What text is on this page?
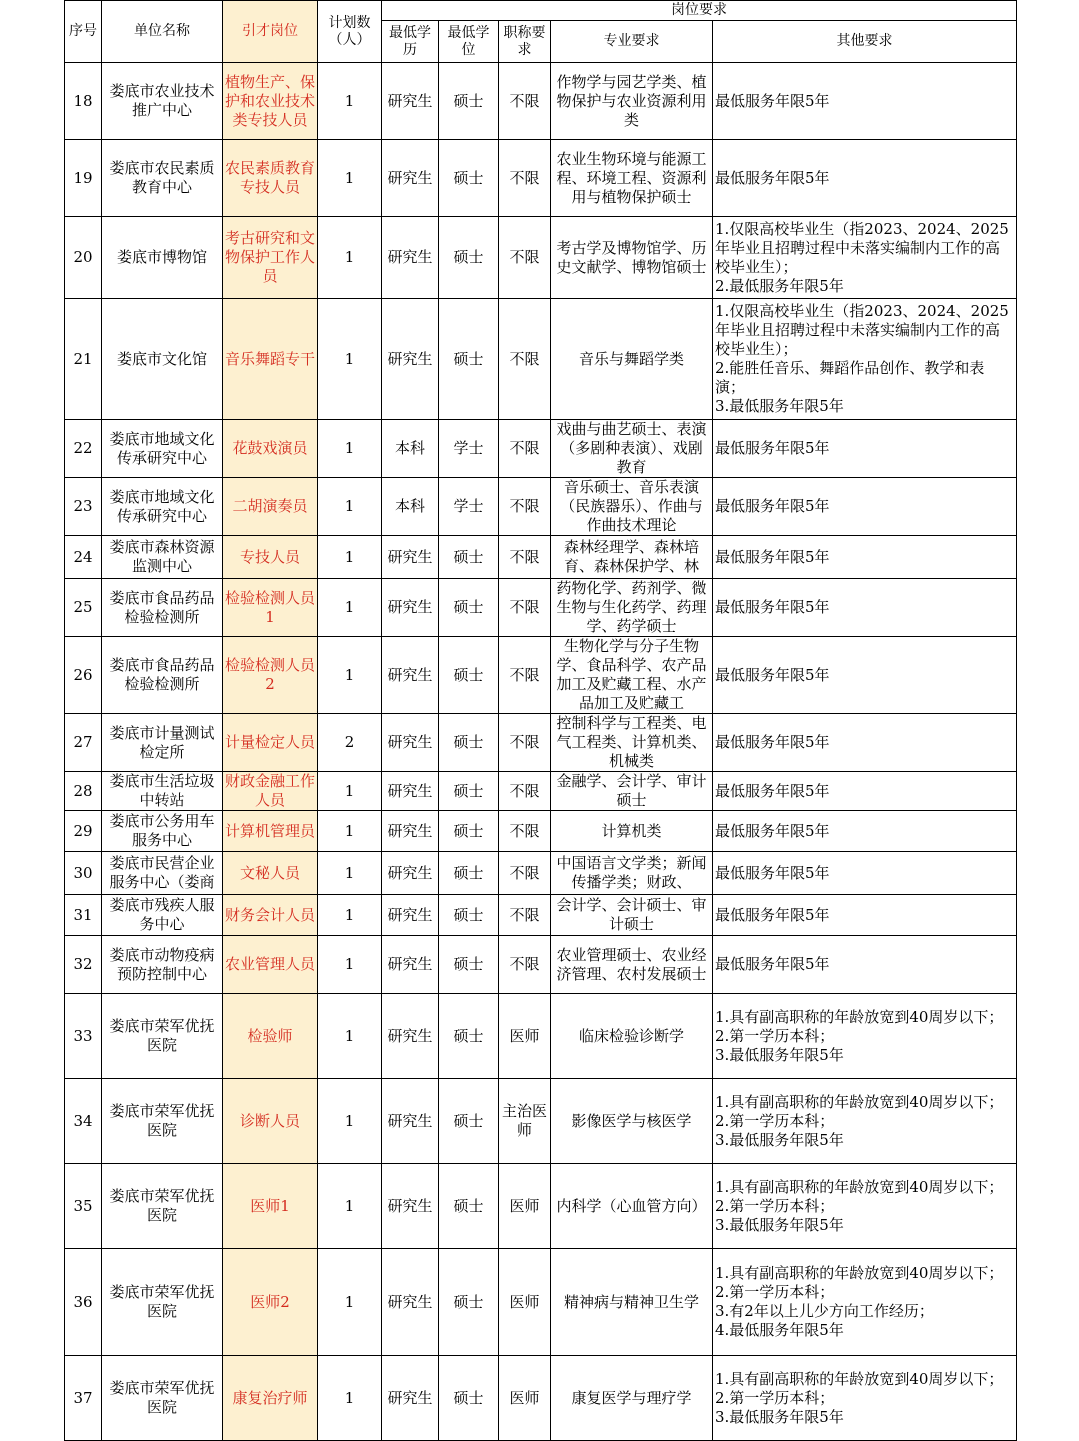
序号	单位名称	引才岗位	计划数（人）	岗位要求				
				最低学历	最低学位	职称要求	专业要求	其他要求
18	娄底市农业技术推广中心	植物生产、保护和农业技术类专技人员	1	研究生	硕士	不限	作物学与园艺学类、植物保护与农业资源利用类	最低服务年限5年

19	娄底市农民素质教育中心	农民素质教育专技人员	1	研究生	硕士	不限	农业生物环境与能源工程、环境工程、资源利用与植物保护硕士	最低服务年限5年

20	娄底市博物馆	考古研究和文物保护工作人员	1	研究生	硕士	不限	考古学及博物馆学、历史文献学、博物馆硕士	1.仅限高校毕业生（指2023、2024、2025年毕业且招聘过程中未落实编制内工作的高校毕业生）；
2.最低服务年限5年

21	娄底市文化馆	音乐舞蹈专干	1	研究生	硕士	不限	音乐与舞蹈学类	1.仅限高校毕业生（指2023、2024、2025年毕业且招聘过程中未落实编制内工作的高校毕业生）；
2.能胜任音乐、舞蹈作品创作、教学和表演；
3.最低服务年限5年

22	娄底市地域文化传承研究中心	花鼓戏演员	1	本科	学士	不限	戏曲与曲艺硕士、表演（多剧种表演）、戏剧教育	最低服务年限5年

23	娄底市地域文化传承研究中心	二胡演奏员	1	本科	学士	不限	音乐硕士、音乐表演（民族器乐）、作曲与作曲技术理论	最低服务年限5年

24	娄底市森林资源监测中心	专技人员	1	研究生	硕士	不限	森林经理学、森林培育、森林保护学、林	最低服务年限5年

25	娄底市食品药品检验检测所	检验检测人员1	1	研究生	硕士	不限	药物化学、药剂学、微生物与生化药学、药理学、药学硕士	最低服务年限5年

26	娄底市食品药品检验检测所	检验检测人员2	1	研究生	硕士	不限	生物化学与分子生物学、食品科学、农产品加工及贮藏工程、水产品加工及贮藏工	最低服务年限5年

27	娄底市计量测试检定所	计量检定人员	2	研究生	硕士	不限	控制科学与工程类、电气工程类、计算机类、机械类	最低服务年限5年

28	娄底市生活垃圾中转站	财政金融工作人员	1	研究生	硕士	不限	金融学、会计学、审计硕士	最低服务年限5年

29	娄底市公务用车服务中心	计算机管理员	1	研究生	硕士	不限	计算机类	最低服务年限5年

30	娄底市民营企业服务中心（娄商	文秘人员	1	研究生	硕士	不限	中国语言文学类；新闻传播学类；财政、	最低服务年限5年

31	娄底市残疾人服务中心	财务会计人员	1	研究生	硕士	不限	会计学、会计硕士、审计硕士	最低服务年限5年

32	娄底市动物疫病预防控制中心	农业管理人员	1	研究生	硕士	不限	农业管理硕士、农业经济管理、农村发展硕士	最低服务年限5年

33	娄底市荣军优抚医院	检验师	1	研究生	硕士	医师	临床检验诊断学	1.具有副高职称的年龄放宽到40周岁以下；
2.第一学历本科；
3.最低服务年限5年

34	娄底市荣军优抚医院	诊断人员	1	研究生	硕士	主治医师	影像医学与核医学	1.具有副高职称的年龄放宽到40周岁以下；
2.第一学历本科；
3.最低服务年限5年

35	娄底市荣军优抚医院	医师1	1	研究生	硕士	医师	内科学（心血管方向）	1.具有副高职称的年龄放宽到40周岁以下；
2.第一学历本科；
3.最低服务年限5年

36	娄底市荣军优抚医院	医师2	1	研究生	硕士	医师	精神病与精神卫生学	1.具有副高职称的年龄放宽到40周岁以下；
2.第一学历本科；
3.有2年以上儿少方向工作经历；
4.最低服务年限5年

37	娄底市荣军优抚医院	康复治疗师	1	研究生	硕士	医师	康复医学与理疗学	1.具有副高职称的年龄放宽到40周岁以下；
2.第一学历本科；
3.最低服务年限5年
